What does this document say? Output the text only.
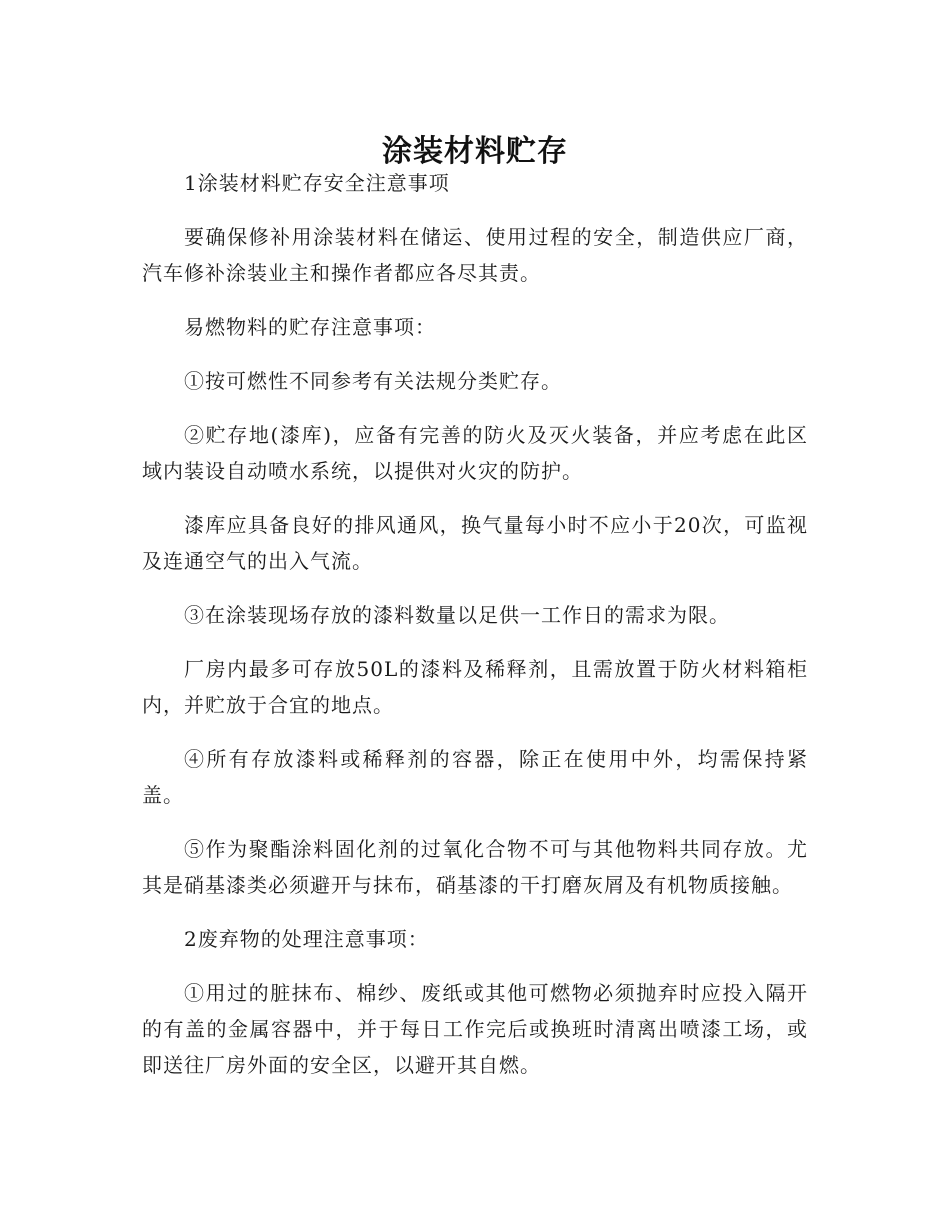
涂装材料贮存

1涂装材料贮存安全注意事项

要确保修补用涂装材料在储运、使用过程的安全，制造供应厂商，汽车修补涂装业主和操作者都应各尽其责。

易燃物料的贮存注意事项：

①按可燃性不同参考有关法规分类贮存。

②贮存地(漆库)，应备有完善的防火及灭火装备，并应考虑在此区域内装设自动喷水系统，以提供对火灾的防护。

漆库应具备良好的排风通风，换气量每小时不应小于20次，可监视及连通空气的出入气流。

③在涂装现场存放的漆料数量以足供一工作日的需求为限。

厂房内最多可存放50L的漆料及稀释剂，且需放置于防火材料箱柜内，并贮放于合宜的地点。

④所有存放漆料或稀释剂的容器，除正在使用中外，均需保持紧盖。

⑤作为聚酯涂料固化剂的过氧化合物不可与其他物料共同存放。尤其是硝基漆类必须避开与抹布，硝基漆的干打磨灰屑及有机物质接触。

2废弃物的处理注意事项：

①用过的脏抹布、棉纱、废纸或其他可燃物必须抛弃时应投入隔开的有盖的金属容器中，并于每日工作完后或换班时清离出喷漆工场，或即送往厂房外面的安全区，以避开其自燃。
